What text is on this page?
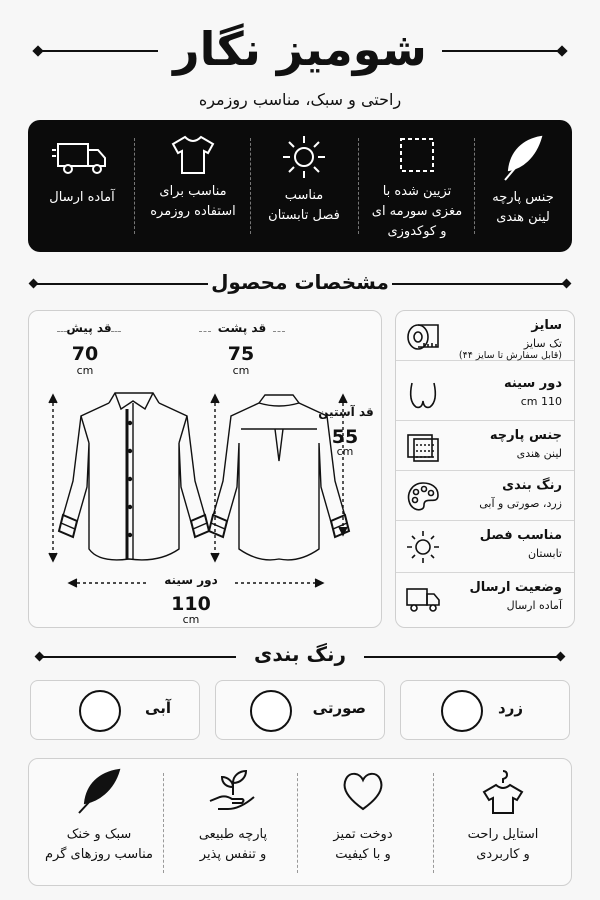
شومیز نگار
راحتی و سبک، مناسب روزمره
آماده ارسال	مناسب برای
استفاده روزمره
مناسب
فصل تابستان
تزیین شده با
مغزی سورمه ای
و کوکدوزی
جنس پارچه
لینن هندی
مشخصات محصول
قد پیش
70
cm
قد پشت
75
cm
قد آستین
55
cm
دور سینه
110
cm
سایز
تک سایز
(قابل سفارش تا سایز ۴۴)
دور سینه
110 cm
جنس پارچه
لینن هندی
رنگ بندی
زرد، صورتی و آبی
مناسب فصل
تابستان
وضعیت ارسال
آماده ارسال
رنگ بندی
زرد
صورتی
آبی
استایل راحت
و کاربردی
دوخت تمیز
و با کیفیت
پارچه طبیعی
و تنفس پذیر
سبک و خنک
مناسب روزهای گرم
